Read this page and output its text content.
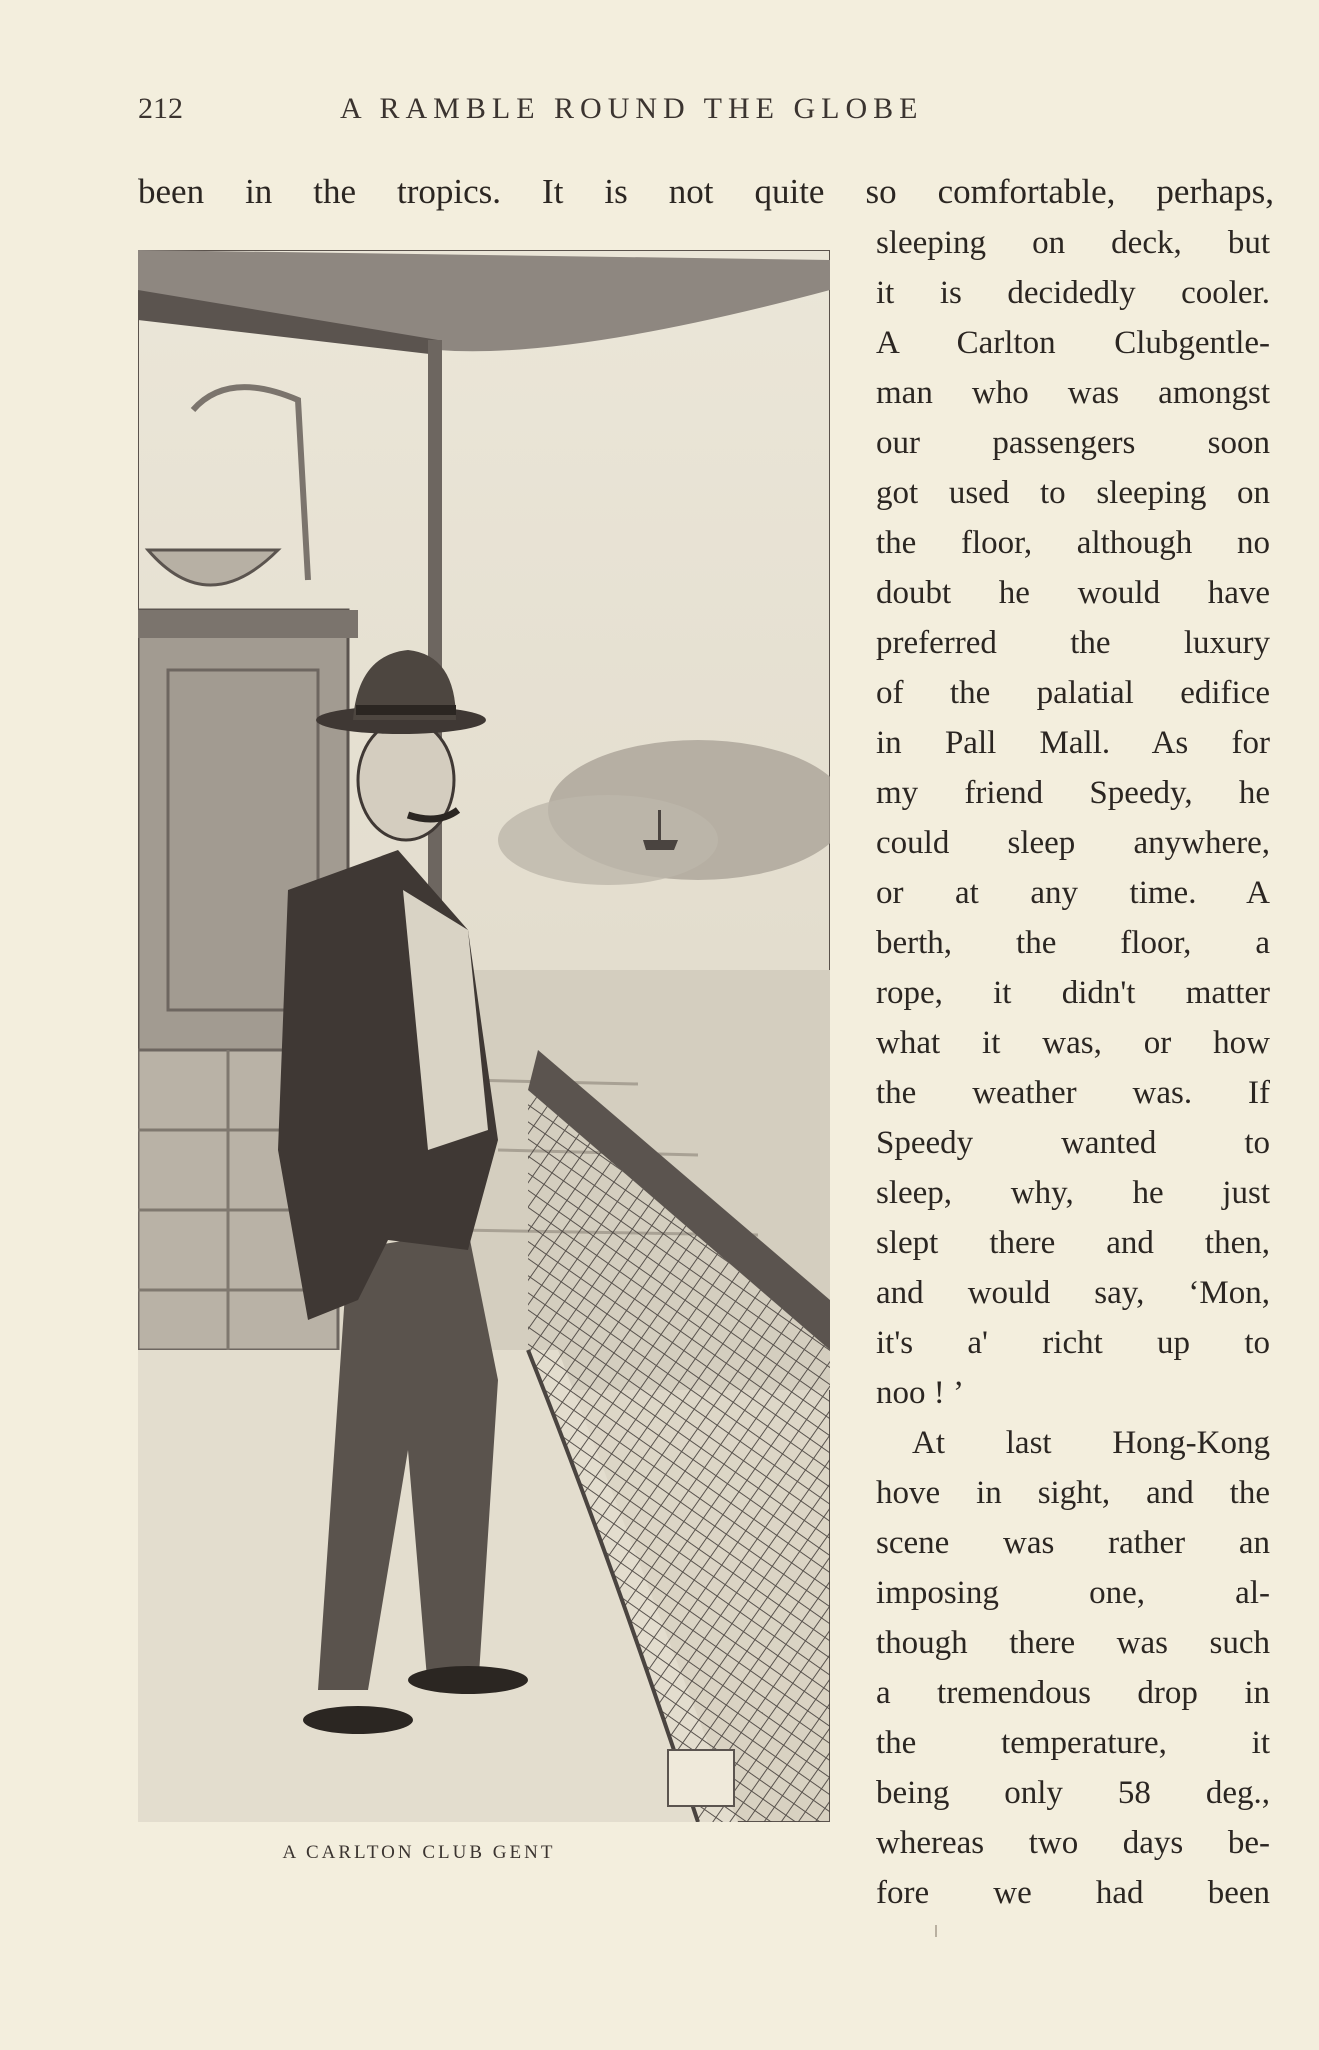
212	A RAMBLE ROUND THE GLOBE
been in the tropics. It is not quite so comfortable, perhaps,
A CARLTON CLUB GENT
sleeping on deck, but
it is decidedly cooler.
A Carlton Clubgentle-
man who was amongst
our passengers soon
got used to sleeping on
the floor, although no
doubt he would have
preferred the luxury
of the palatial edifice
in Pall Mall. As for
my friend Speedy, he
could sleep anywhere,
or at any time. A
berth, the floor, a
rope, it didn't matter
what it was, or how
the weather was. If
Speedy wanted to
sleep, why, he just
slept there and then,
and would say, ‘Mon,
it's a' richt up to
noo ! ’
At last Hong-Kong
hove in sight, and the
scene was rather an
imposing one, al-
though there was such
a tremendous drop in
the temperature, it
being only 58 deg.,
whereas two days be-
fore we had been
